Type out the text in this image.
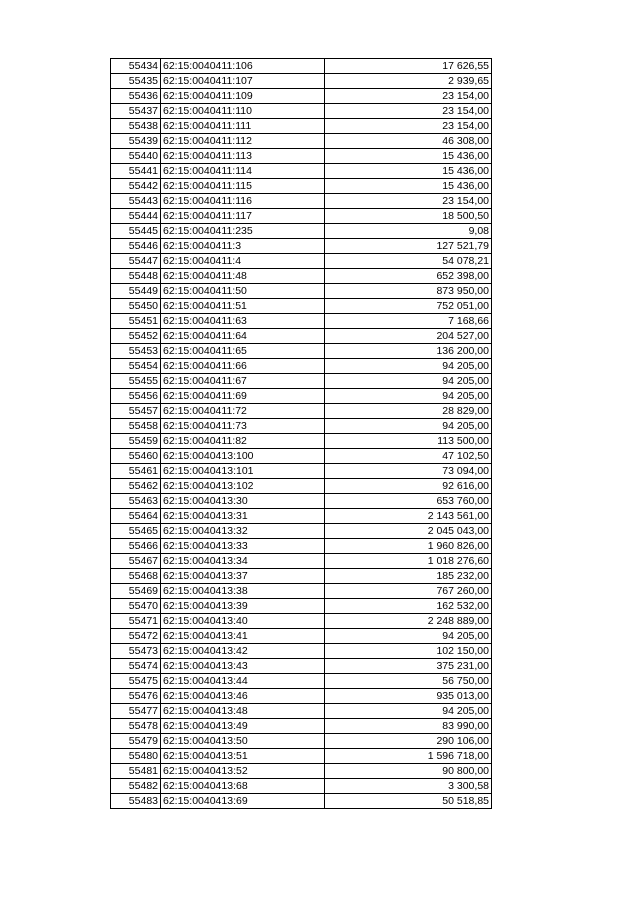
55434	62:15:0040411:106	17 626,55
55435	62:15:0040411:107	2 939,65
55436	62:15:0040411:109	23 154,00
55437	62:15:0040411:110	23 154,00
55438	62:15:0040411:111	23 154,00
55439	62:15:0040411:112	46 308,00
55440	62:15:0040411:113	15 436,00
55441	62:15:0040411:114	15 436,00
55442	62:15:0040411:115	15 436,00
55443	62:15:0040411:116	23 154,00
55444	62:15:0040411:117	18 500,50
55445	62:15:0040411:235	9,08
55446	62:15:0040411:3	127 521,79
55447	62:15:0040411:4	54 078,21
55448	62:15:0040411:48	652 398,00
55449	62:15:0040411:50	873 950,00
55450	62:15:0040411:51	752 051,00
55451	62:15:0040411:63	7 168,66
55452	62:15:0040411:64	204 527,00
55453	62:15:0040411:65	136 200,00
55454	62:15:0040411:66	94 205,00
55455	62:15:0040411:67	94 205,00
55456	62:15:0040411:69	94 205,00
55457	62:15:0040411:72	28 829,00
55458	62:15:0040411:73	94 205,00
55459	62:15:0040411:82	113 500,00
55460	62:15:0040413:100	47 102,50
55461	62:15:0040413:101	73 094,00
55462	62:15:0040413:102	92 616,00
55463	62:15:0040413:30	653 760,00
55464	62:15:0040413:31	2 143 561,00
55465	62:15:0040413:32	2 045 043,00
55466	62:15:0040413:33	1 960 826,00
55467	62:15:0040413:34	1 018 276,60
55468	62:15:0040413:37	185 232,00
55469	62:15:0040413:38	767 260,00
55470	62:15:0040413:39	162 532,00
55471	62:15:0040413:40	2 248 889,00
55472	62:15:0040413:41	94 205,00
55473	62:15:0040413:42	102 150,00
55474	62:15:0040413:43	375 231,00
55475	62:15:0040413:44	56 750,00
55476	62:15:0040413:46	935 013,00
55477	62:15:0040413:48	94 205,00
55478	62:15:0040413:49	83 990,00
55479	62:15:0040413:50	290 106,00
55480	62:15:0040413:51	1 596 718,00
55481	62:15:0040413:52	90 800,00
55482	62:15:0040413:68	3 300,58
55483	62:15:0040413:69	50 518,85
